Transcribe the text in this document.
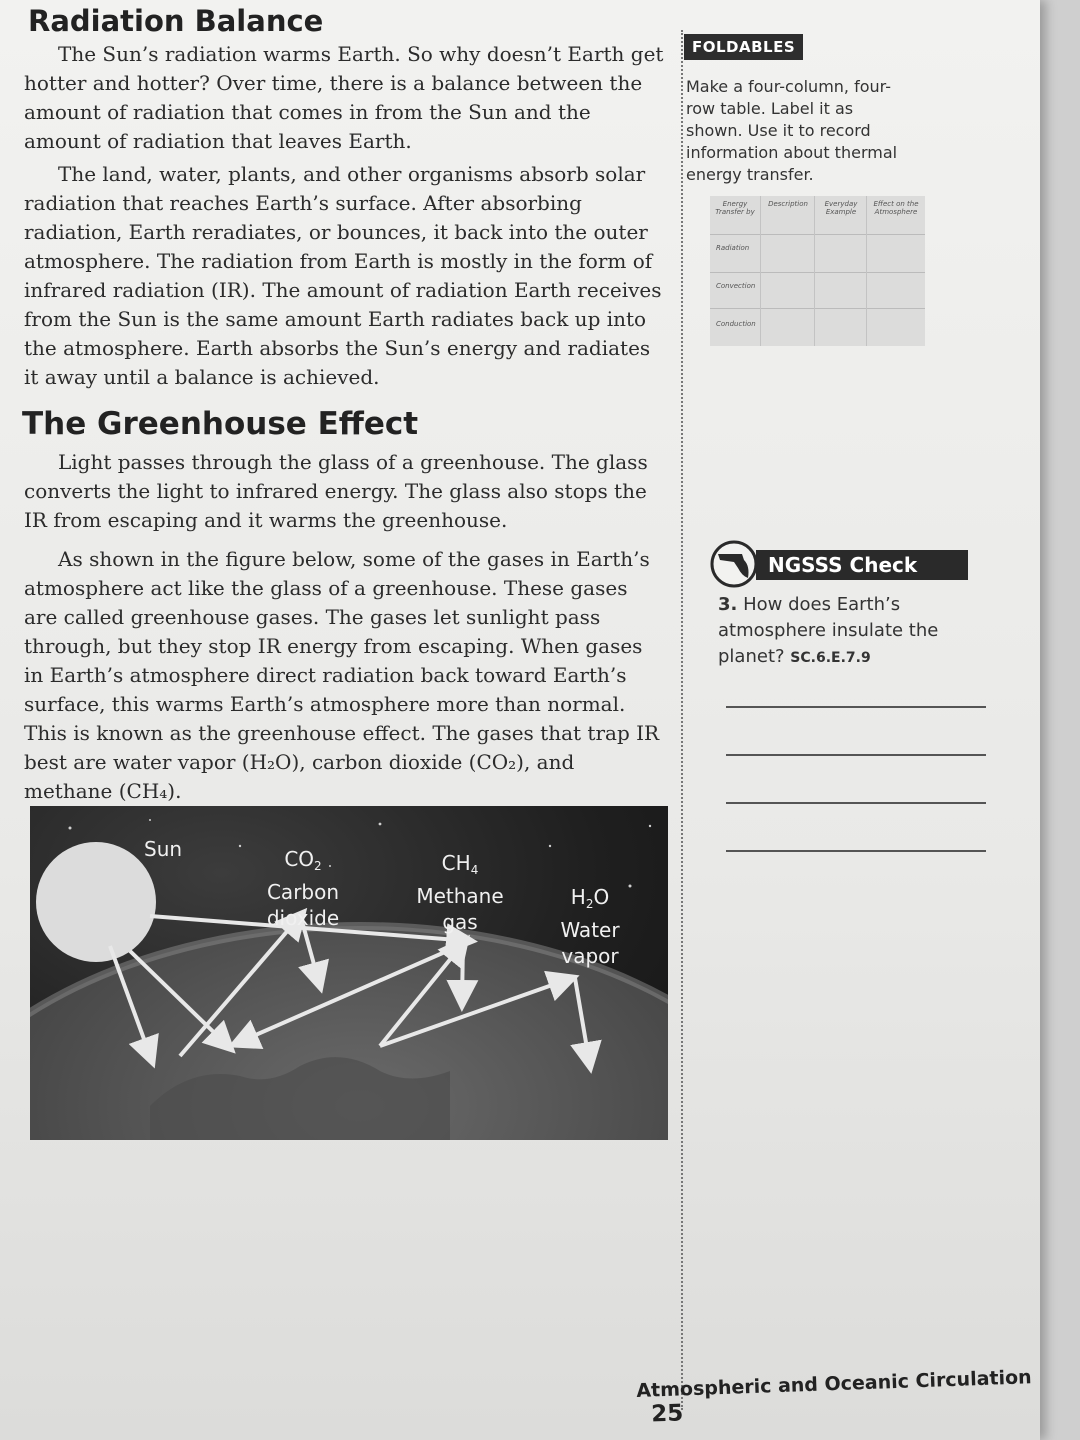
Radiation Balance

The Sun’s radiation warms Earth. So why doesn’t Earth get hotter and hotter? Over time, there is a balance between the amount of radiation that comes in from the Sun and the amount of radiation that leaves Earth.

The land, water, plants, and other organisms absorb solar radiation that reaches Earth’s surface. After absorbing radiation, Earth reradiates, or bounces, it back into the outer atmosphere. The radiation from Earth is mostly in the form of infrared radiation (IR). The amount of radiation Earth receives from the Sun is the same amount Earth radiates back up into the atmosphere. Earth absorbs the Sun’s energy and radiates it away until a balance is achieved.

The Greenhouse Effect

Light passes through the glass of a greenhouse. The glass converts the light to infrared energy. The glass also stops the IR from escaping and it warms the greenhouse.

As shown in the figure below, some of the gases in Earth’s atmosphere act like the glass of a greenhouse. These gases are called greenhouse gases. The gases let sunlight pass through, but they stop IR energy from escaping. When gases in Earth’s atmosphere direct radiation back toward Earth’s surface, this warms Earth’s atmosphere more than normal. This is known as the greenhouse effect. The gases that trap IR best are water vapor (H₂O), carbon dioxide (CO₂), and methane (CH₄).

Sun	$CO_2$
Carbon
dioxide
$CH_4$
Methane
gas
$H_2O$
Water
vapor
FOLDABLES
Make a four-column, four-row table. Label it as shown. Use it to record information about thermal energy transfer.
Energy Transfer by
Description	Everyday Example
Effect on the Atmosphere
Radiation
Convection
Conduction
NGSSS Check
3. How does Earth’s atmosphere insulate the planet? SC.6.E.7.9
Atmospheric and Oceanic Circulation 25
